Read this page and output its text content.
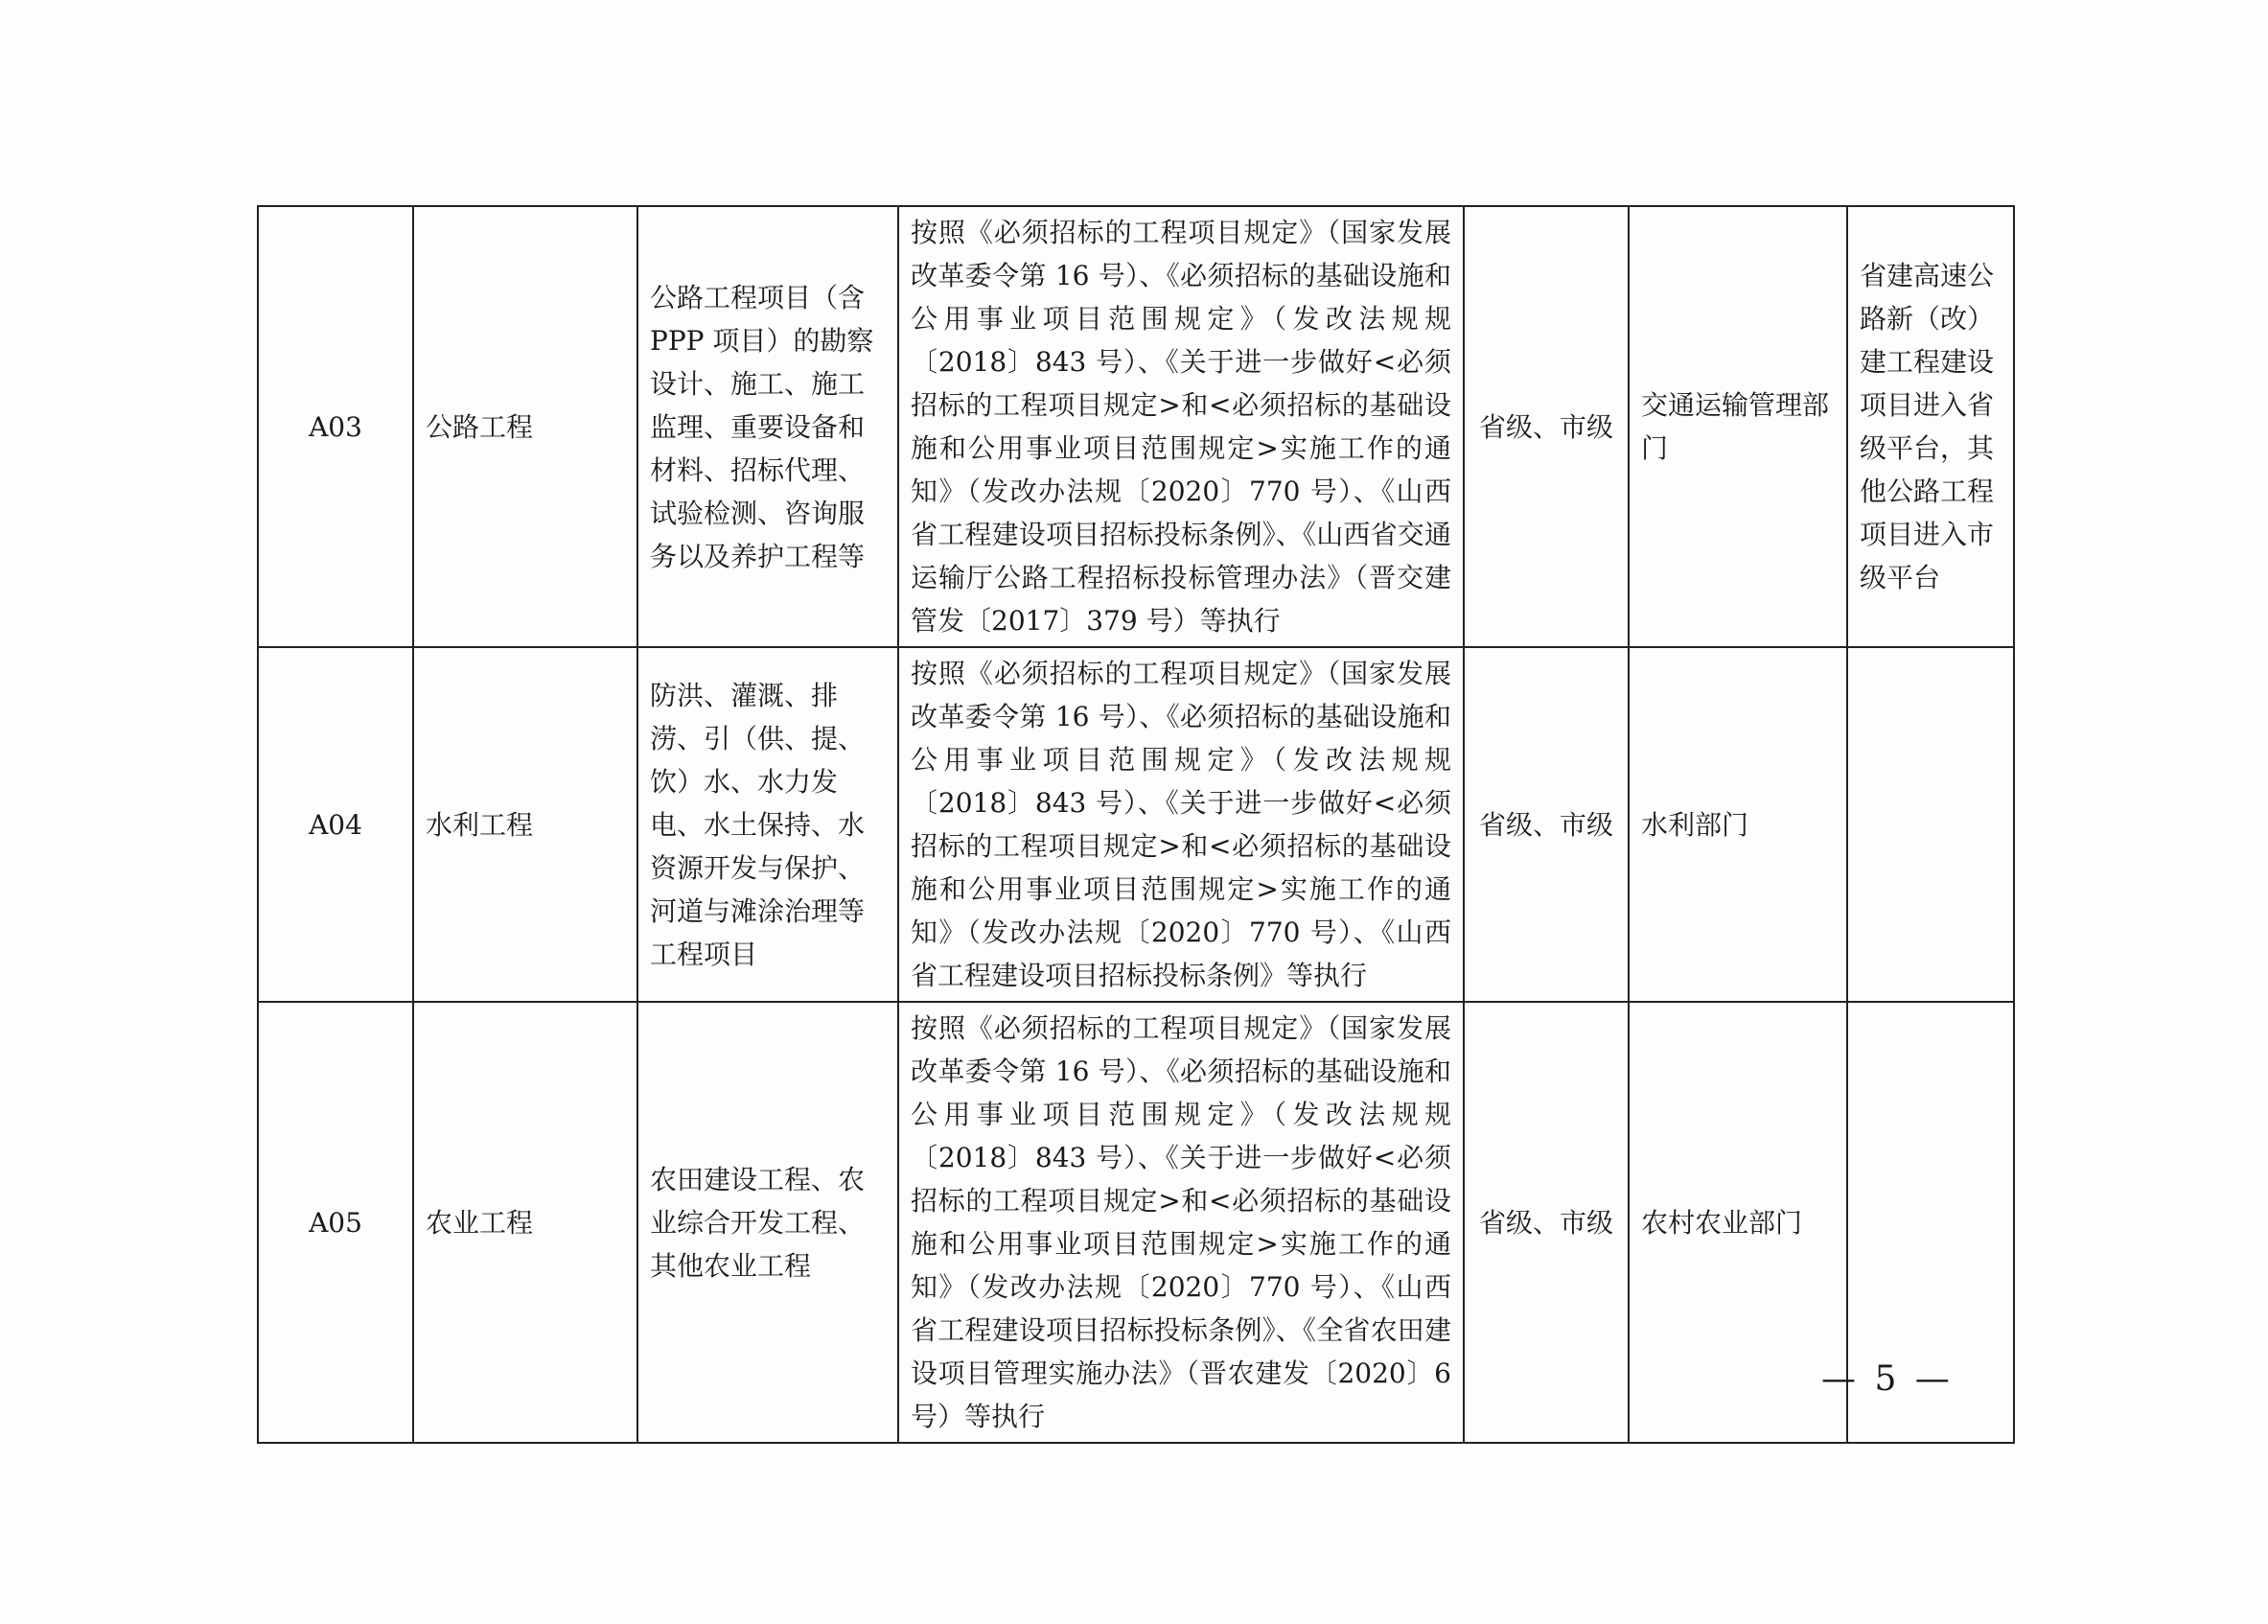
A03	公路工程	公路工程项目（含PPP 项目）的勘察设计、施工、施工监理、重要设备和材料、招标代理、试验检测、咨询服务以及养护工程等	按照《必须招标的工程项目规定》（国家发展改革委令第 16 号）、《必须招标的基础设施和公用事业项目范围规定》（发改法规规〔2018〕843 号）、《关于进一步做好<必须招标的工程项目规定>和<必须招标的基础设施和公用事业项目范围规定>实施工作的通知》（发改办法规〔2020〕770 号）、《山西省工程建设项目招标投标条例》、《山西省交通运输厅公路工程招标投标管理办法》（晋交建管发〔2017〕379 号）等执行	省级、市级	交通运输管理部门	省建高速公路新（改）建工程建设项目进入省级平台，其他公路工程项目进入市级平台
A04	水利工程	防洪、灌溉、排涝、引（供、提、饮）水、水力发电、水土保持、水资源开发与保护、河道与滩涂治理等工程项目	按照《必须招标的工程项目规定》（国家发展改革委令第 16 号）、《必须招标的基础设施和公用事业项目范围规定》（发改法规规〔2018〕843 号）、《关于进一步做好<必须招标的工程项目规定>和<必须招标的基础设施和公用事业项目范围规定>实施工作的通知》（发改办法规〔2020〕770 号）、《山西省工程建设项目招标投标条例》等执行	省级、市级	水利部门	
A05	农业工程	农田建设工程、农业综合开发工程、其他农业工程	按照《必须招标的工程项目规定》（国家发展改革委令第 16 号）、《必须招标的基础设施和公用事业项目范围规定》（发改法规规〔2018〕843 号）、《关于进一步做好<必须招标的工程项目规定>和<必须招标的基础设施和公用事业项目范围规定>实施工作的通知》（发改办法规〔2020〕770 号）、《山西省工程建设项目招标投标条例》、《全省农田建设项目管理实施办法》（晋农建发〔2020〕6 号）等执行	省级、市级	农村农业部门	
— 5 —
